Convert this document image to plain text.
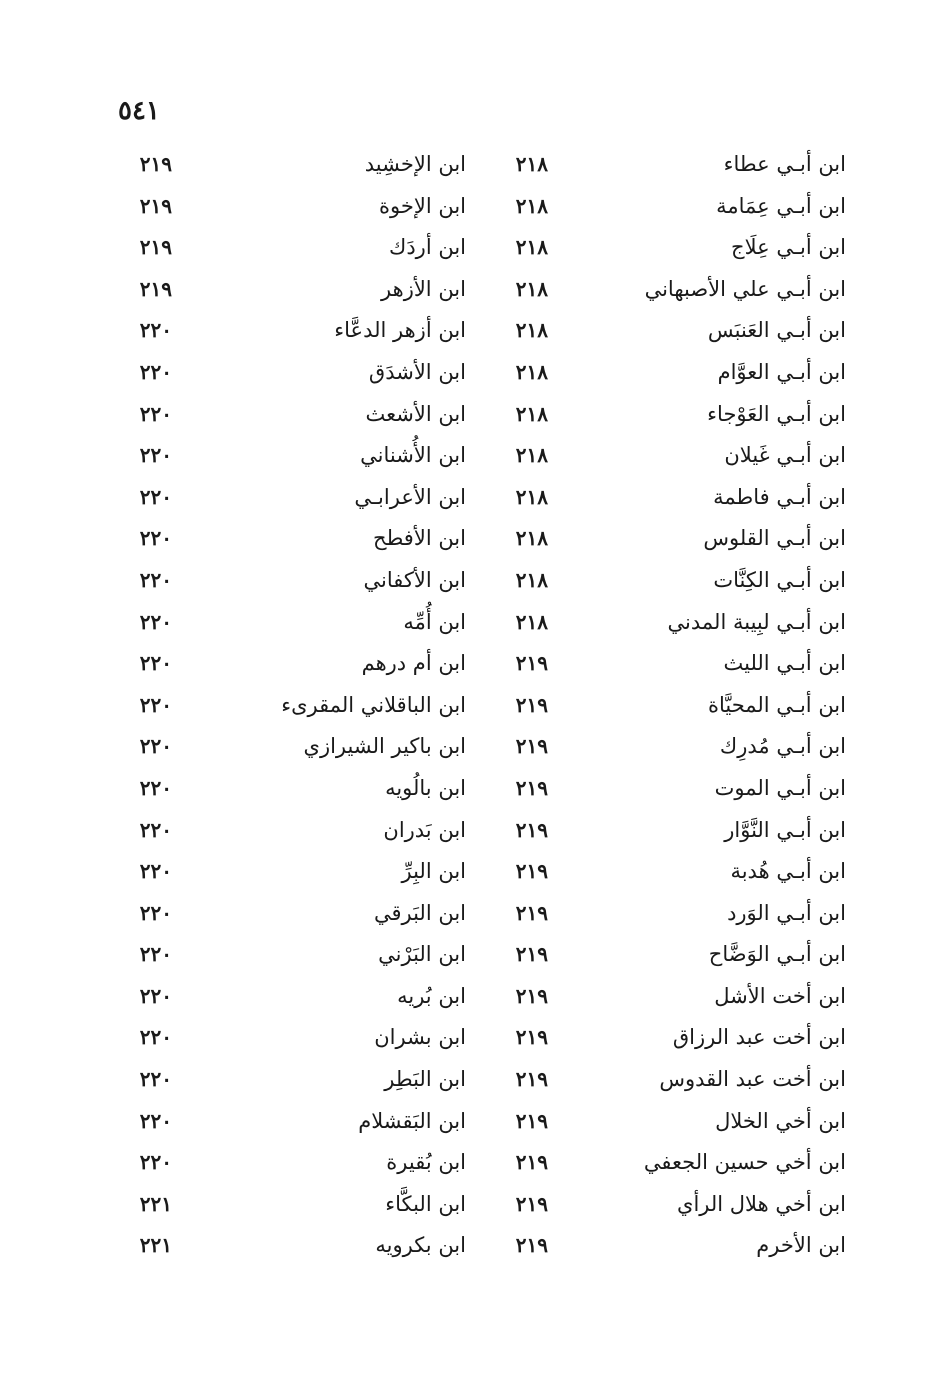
٥٤١
ابن أبـي عطاء
٢١٨
ابن الإخشِيد
٢١٩
ابن أبـي عِمَامة
٢١٨
ابن الإخوة
٢١٩
ابن أبـي عِلَاج
٢١٨
ابن أردَك
٢١٩
ابن أبـي علي الأصبهاني
٢١٨
ابن الأزهر
٢١٩
ابن أبـي العَنبَس
٢١٨
ابن أزهر الدعَّاء
٢٢٠
ابن أبـي العوَّام
٢١٨
ابن الأشدَق
٢٢٠
ابن أبـي العَوْجاء
٢١٨
ابن الأشعث
٢٢٠
ابن أبـي غَيلان
٢١٨
ابن الأُشناني
٢٢٠
ابن أبـي فاطمة
٢١٨
ابن الأعرابـي
٢٢٠
ابن أبـي القلوس
٢١٨
ابن الأفطح
٢٢٠
ابن أبـي الكِنَّات
٢١٨
ابن الأكفاني
٢٢٠
ابن أبـي لبِيبة المدني
٢١٨
ابن أُمِّه
٢٢٠
ابن أبـي الليث
٢١٩
ابن أم درهم
٢٢٠
ابن أبـي المحيَّاة
٢١٩
ابن الباقلاني المقرىء
٢٢٠
ابن أبـي مُدرِك
٢١٩
ابن باكير الشيرازي
٢٢٠
ابن أبـي الموت
٢١٩
ابن بالُويه
٢٢٠
ابن أبـي النَّوَّار
٢١٩
ابن بَدران
٢٢٠
ابن أبـي هُدبة
٢١٩
ابن البِرِّ
٢٢٠
ابن أبـي الوَرد
٢١٩
ابن البَرقي
٢٢٠
ابن أبـي الوَضَّاح
٢١٩
ابن البَرْني
٢٢٠
ابن أخت الأشل
٢١٩
ابن بُريه
٢٢٠
ابن أخت عبد الرزاق
٢١٩
ابن بشران
٢٢٠
ابن أخت عبد القدوس
٢١٩
ابن البَطِر
٢٢٠
ابن أخي الخلال
٢١٩
ابن البَقشلام
٢٢٠
ابن أخي حسين الجعفي
٢١٩
ابن بُقيرة
٢٢٠
ابن أخي هلال الرأي
٢١٩
ابن البكَّاء
٢٢١
ابن الأخرم
٢١٩
ابن بكرويه
٢٢١
